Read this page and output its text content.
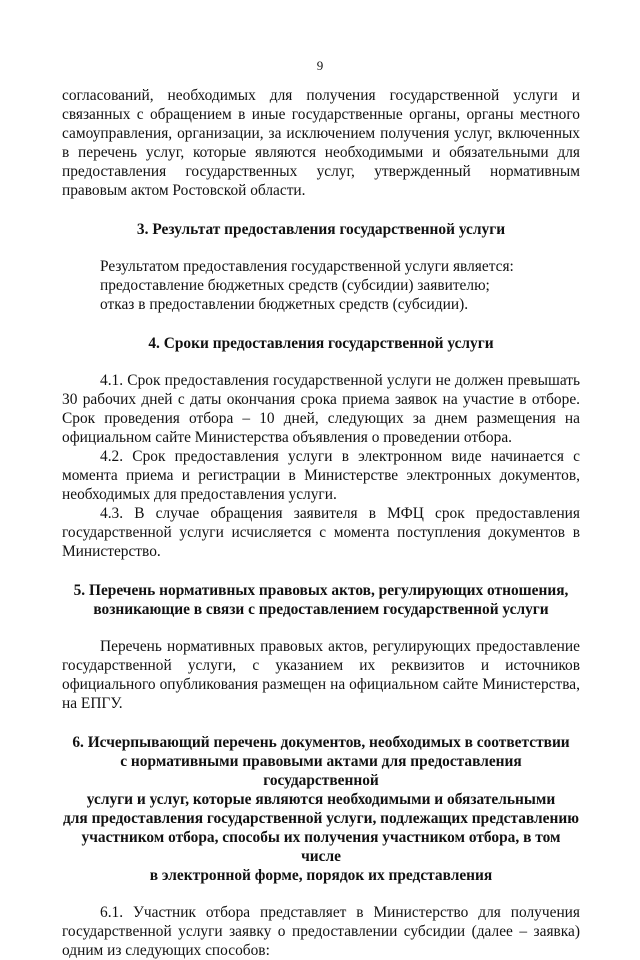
9

согласований, необходимых для получения государственной услуги и связанных с обращением в иные государственные органы, органы местного самоуправления, организации, за исключением получения услуг, включенных в перечень услуг, которые являются необходимыми и обязательными для предоставления государственных услуг, утвержденный нормативным правовым актом Ростовской области.

3. Результат предоставления государственной услуги
Результатом предоставления государственной услуги является:
предоставление бюджетных средств (субсидии) заявителю;
отказ в предоставлении бюджетных средств (субсидии).
4. Сроки предоставления государственной услуги

4.1. Срок предоставления государственной услуги не должен превышать 30 рабочих дней с даты окончания срока приема заявок на участие в отборе. Срок проведения отбора – 10 дней, следующих за днем размещения на официальном сайте Министерства объявления о проведении отбора.

4.2. Срок предоставления услуги в электронном виде начинается с момента приема и регистрации в Министерстве электронных документов, необходимых для предоставления услуги.

4.3. В случае обращения заявителя в МФЦ срок предоставления государственной услуги исчисляется с момента поступления документов в Министерство.

5. Перечень нормативных правовых актов, регулирующих отношения,
возникающие в связи с предоставлением государственной услуги

Перечень нормативных правовых актов, регулирующих предоставление государственной услуги, с указанием их реквизитов и источников официального опубликования размещен на официальном сайте Министерства, на ЕПГУ.

6. Исчерпывающий перечень документов, необходимых в соответствии
с нормативными правовыми актами для предоставления государственной
услуги и услуг, которые являются необходимыми и обязательными
для предоставления государственной услуги, подлежащих представлению
участником отбора, способы их получения участником отбора, в том числе
в электронной форме, порядок их представления

6.1. Участник отбора представляет в Министерство для получения государственной услуги заявку о предоставлении субсидии (далее – заявка) одним из следующих способов:
